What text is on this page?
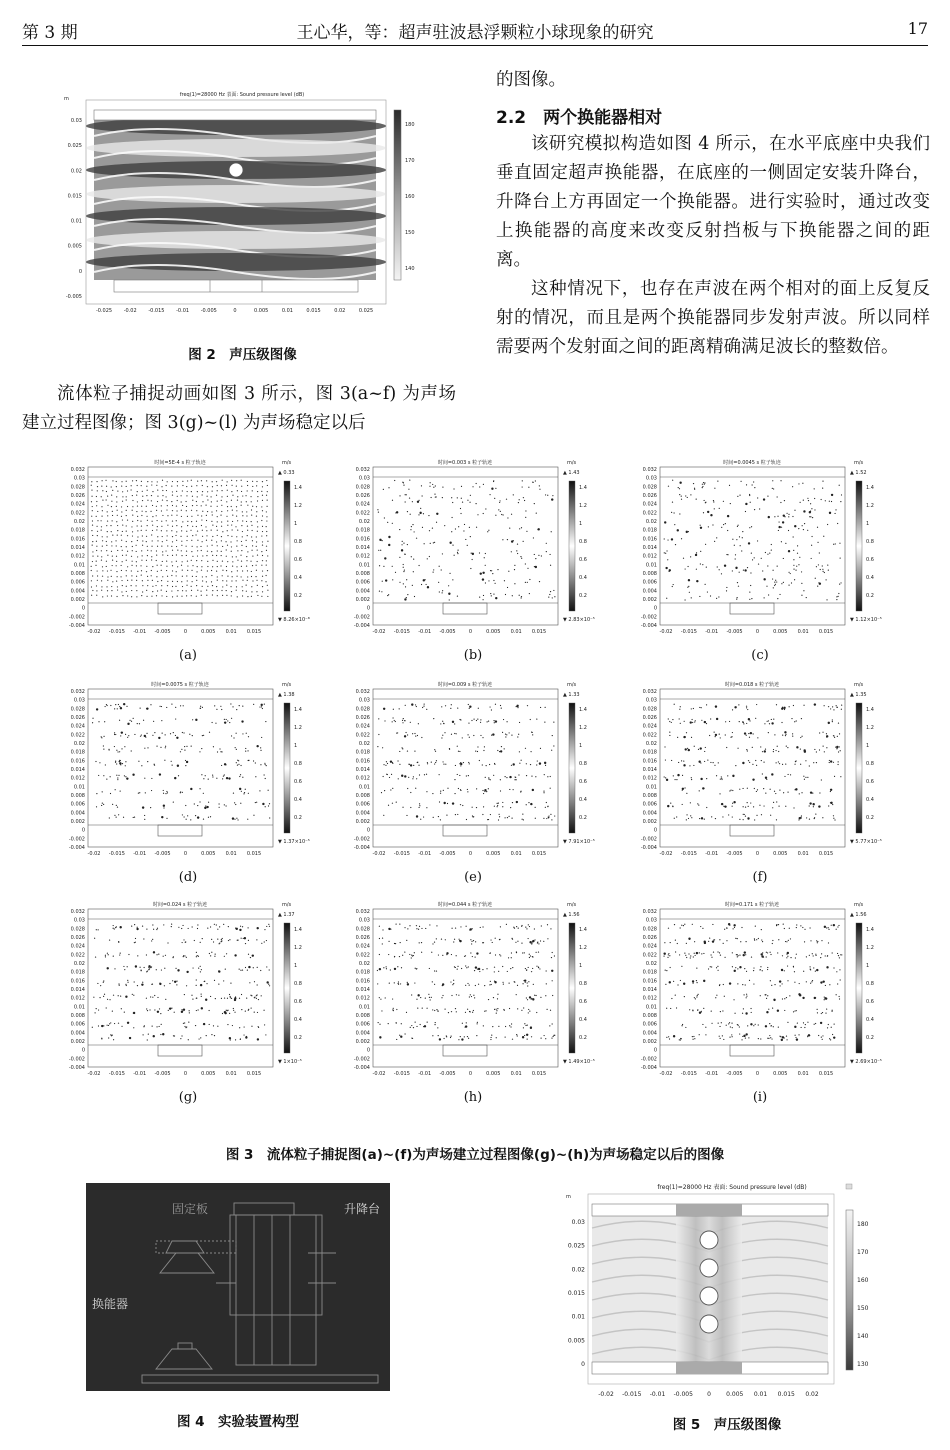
第 3 期	王心华，等：超声驻波悬浮颗粒小球现象的研究	17
m
freq(1)=28000 Hz 表面: Sound pressure level (dB)
0.03
0.025
0.02
0.015
0.01
0.005
0
-0.005
-0.025 -0.02 -0.015 -0.01 -0.005	0	0.005	0.01	0.015	0.02	0.025
180
170
160
150
140
图 2　声压级图像

流体粒子捕捉动画如图 3 所示，图 3(a~f) 为声场建立过程图像；图 3(g)~(l) 为声场稳定以后

的图像。
2.2　两个换能器相对

该研究模拟构造如图 4 所示，在水平底座中央我们垂直固定超声换能器，在底座的一侧固定安装升降台，升降台上方再固定一个换能器。进行实验时，通过改变上换能器的高度来改变反射挡板与下换能器之间的距离。

这种情况下，也存在声波在两个相对的面上反复反射的情况，而且是两个换能器同步发射声波。所以同样需要两个发射面之间的距离精确满足波长的整数倍。

时间=5E-4 s 粒子轨迹
0.032
0.03
0.028
0.026
0.024
0.022
0.02
0.018
0.016
0.014
0.012
0.01
0.008
0.006
0.004
0.002
0
-0.002
-0.004
-0.02 -0.015 -0.01 -0.005	0	0.005 0.01 0.015
m/s
▲ 0.33
1.4
1.2
1
0.8
0.6
0.4
0.2
▼ 8.26×10⁻⁸
(a)
时间=0.003 s 粒子轨迹
0.032
0.03
0.028
0.026
0.024
0.022
0.02
0.018
0.016
0.014
0.012
0.01
0.008
0.006
0.004
0.002
0
-0.002
-0.004
-0.02 -0.015 -0.01 -0.005	0	0.005 0.01 0.015
m/s
▲ 1.43
1.4
1.2
1
0.8
0.6
0.4
0.2
▼ 2.83×10⁻⁵
(b)
时间=0.0045 s 粒子轨迹
0.032
0.03
0.028
0.026
0.024
0.022
0.02
0.018
0.016
0.014
0.012
0.01
0.008
0.006
0.004
0.002
0
-0.002
-0.004
-0.02 -0.015 -0.01 -0.005	0	0.005 0.01 0.015
m/s
▲ 1.52
1.4
1.2
1
0.8
0.6
0.4
0.2
▼ 1.12×10⁻⁵
(c)
时间=0.0075 s 粒子轨迹
0.032
0.03
0.028
0.026
0.024
0.022
0.02
0.018
0.016
0.014
0.012
0.01
0.008
0.006
0.004
0.002
0
-0.002
-0.004
-0.02 -0.015 -0.01 -0.005	0	0.005 0.01 0.015
m/s
▲ 1.38
1.4
1.2
1
0.8
0.6
0.4
0.2
▼ 1.37×10⁻⁵
(d)
时间=0.009 s 粒子轨迹
0.032
0.03
0.028
0.026
0.024
0.022
0.02
0.018
0.016
0.014
0.012
0.01
0.008
0.006
0.004
0.002
0
-0.002
-0.004
-0.02 -0.015 -0.01 -0.005	0	0.005 0.01 0.015
m/s
▲ 1.33
1.4
1.2
1
0.8
0.6
0.4
0.2
▼ 7.91×10⁻⁵
(e)
时间=0.018 s 粒子轨迹
0.032
0.03
0.028
0.026
0.024
0.022
0.02
0.018
0.016
0.014
0.012
0.01
0.008
0.006
0.004
0.002
0
-0.002
-0.004
-0.02 -0.015 -0.01 -0.005	0	0.005 0.01 0.015
m/s
▲ 1.35
1.4
1.2
1
0.8
0.6
0.4
0.2
▼ 5.77×10⁻⁵
(f)
时间=0.024 s 粒子轨迹
0.032
0.03
0.028
0.026
0.024
0.022
0.02
0.018
0.016
0.014
0.012
0.01
0.008
0.006
0.004
0.002
0
-0.002
-0.004
-0.02 -0.015 -0.01 -0.005	0	0.005 0.01 0.015
m/s
▲ 1.37
1.4
1.2
1
0.8
0.6
0.4
0.2
▼ 1×10⁻⁵
(g)
时间=0.044 s 粒子轨迹
0.032
0.03
0.028
0.026
0.024
0.022
0.02
0.018
0.016
0.014
0.012
0.01
0.008
0.006
0.004
0.002
0
-0.002
-0.004
-0.02 -0.015 -0.01 -0.005	0	0.005 0.01 0.015
m/s
▲ 1.56
1.4
1.2
1
0.8
0.6
0.4
0.2
▼ 1.49×10⁻⁵
(h)
时间=0.171 s 粒子轨迹
0.032
0.03
0.028
0.026
0.024
0.022
0.02
0.018
0.016
0.014
0.012
0.01
0.008
0.006
0.004
0.002
0
-0.002
-0.004
-0.02 -0.015 -0.01 -0.005	0	0.005 0.01 0.015
m/s
▲ 1.56
1.4
1.2
1
0.8
0.6
0.4
0.2
▼ 2.69×10⁻⁵
(i)
图 3　流体粒子捕捉图(a)~(f)为声场建立过程图像(g)~(h)为声场稳定以后的图像
固定板	升降台
换能器
图 4　实验装置构型
m
freq(1)=28000 Hz 表面: Sound pressure level (dB)
0.03
0.025
0.02
0.015
0.01
0.005
0
-0.02 -0.015 -0.01 -0.005 0	0.005 0.01 0.015 0.02
180
170
160
150
140
130
图 5　声压级图像
